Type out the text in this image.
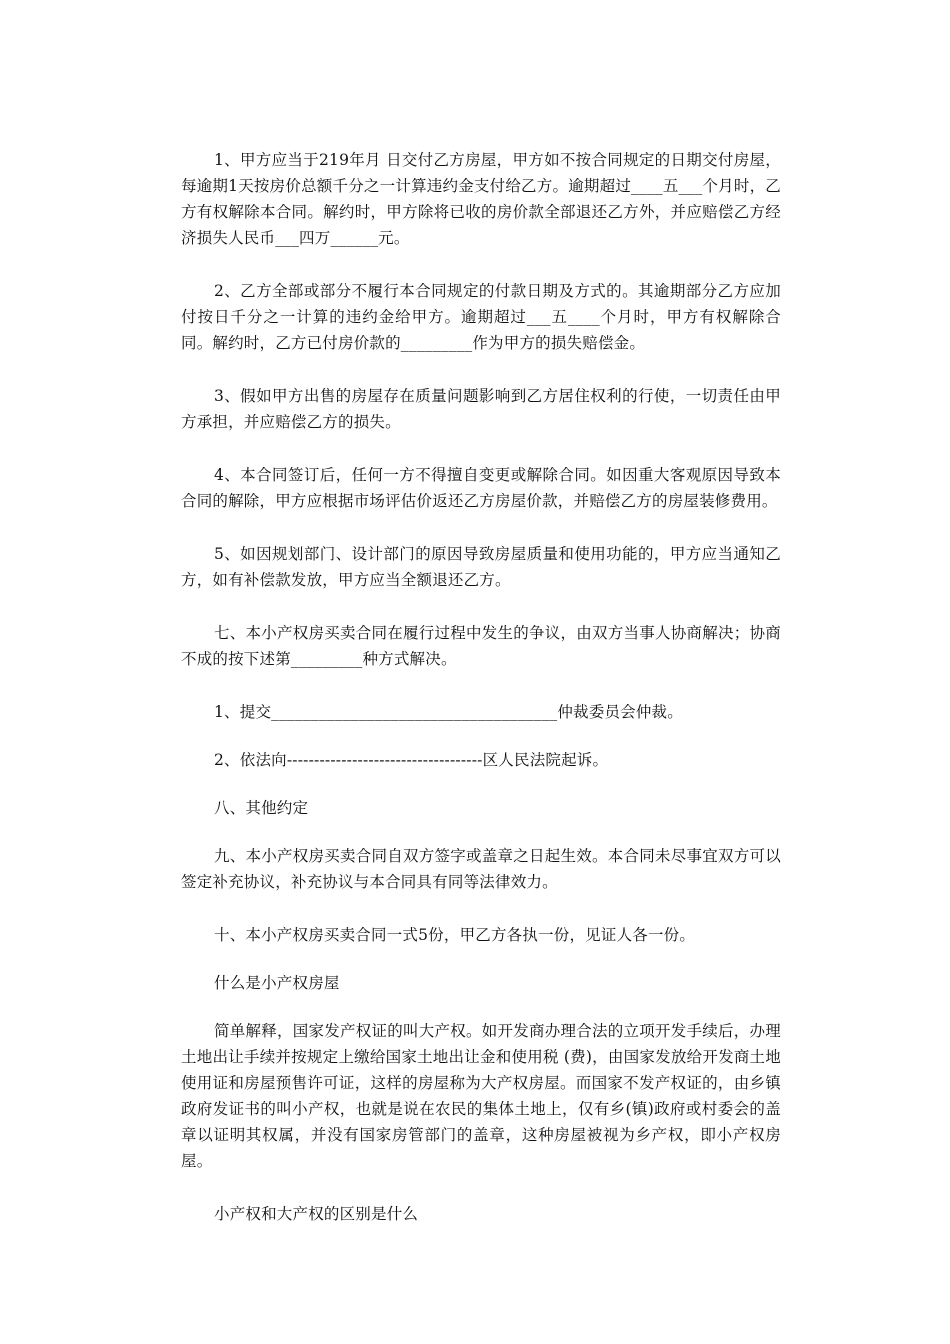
1、甲方应当于219年月 日交付乙方房屋，甲方如不按合同规定的日期交付房屋，每逾期1天按房价总额千分之一计算违约金支付给乙方。逾期超过____五___个月时，乙方有权解除本合同。解约时，甲方除将已收的房价款全部退还乙方外，并应赔偿乙方经济损失人民币___四万______元。

2、乙方全部或部分不履行本合同规定的付款日期及方式的。其逾期部分乙方应加付按日千分之一计算的违约金给甲方。逾期超过___五____个月时，甲方有权解除合同。解约时，乙方已付房价款的_________作为甲方的损失赔偿金。

3、假如甲方出售的房屋存在质量问题影响到乙方居住权利的行使，一切责任由甲方承担，并应赔偿乙方的损失。

4、本合同签订后，任何一方不得擅自变更或解除合同。如因重大客观原因导致本合同的解除，甲方应根据市场评估价返还乙方房屋价款，并赔偿乙方的房屋装修费用。

5、如因规划部门、设计部门的原因导致房屋质量和使用功能的，甲方应当通知乙方，如有补偿款发放，甲方应当全额退还乙方。

七、本小产权房买卖合同在履行过程中发生的争议，由双方当事人协商解决；协商不成的按下述第_________种方式解决。

1、提交____________________________________仲裁委员会仲裁。

2、依法向------------------------------------区人民法院起诉。

八、其他约定

九、本小产权房买卖合同自双方签字或盖章之日起生效。本合同未尽事宜双方可以签定补充协议，补充协议与本合同具有同等法律效力。

十、本小产权房买卖合同一式5份，甲乙方各执一份，见证人各一份。

什么是小产权房屋

简单解释，国家发产权证的叫大产权。如开发商办理合法的立项开发手续后，办理土地出让手续并按规定上缴给国家土地出让金和使用税 (费)，由国家发放给开发商土地使用证和房屋预售许可证，这样的房屋称为大产权房屋。而国家不发产权证的，由乡镇政府发证书的叫小产权，也就是说在农民的集体土地上，仅有乡(镇)政府或村委会的盖章以证明其权属，并没有国家房管部门的盖章，这种房屋被视为乡产权，即小产权房屋。

小产权和大产权的区别是什么
